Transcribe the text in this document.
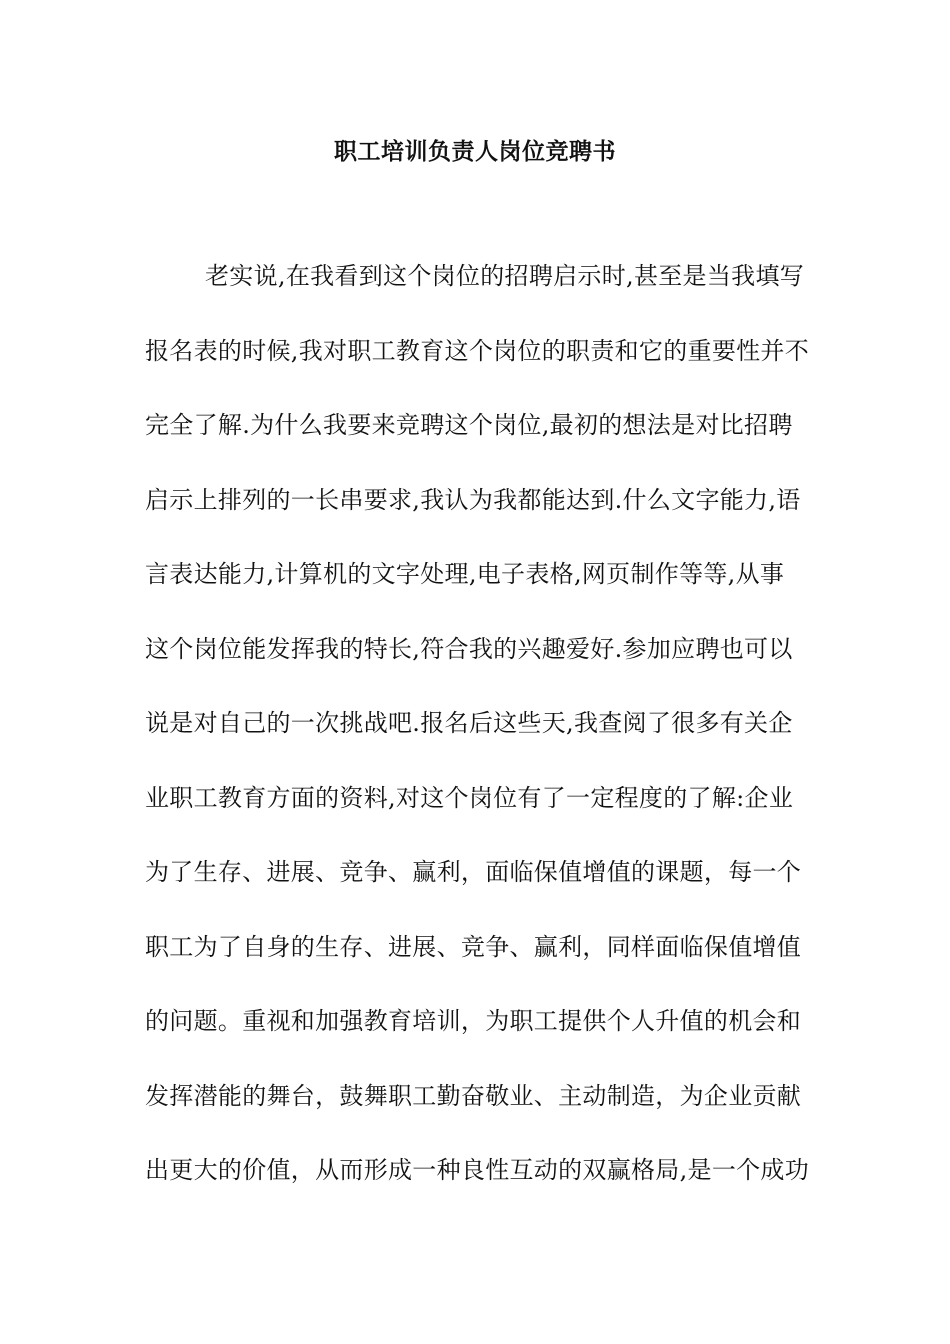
职工培训负责人岗位竞聘书
老实说,在我看到这个岗位的招聘启示时,甚至是当我填写
报名表的时候,我对职工教育这个岗位的职责和它的重要性并不
完全了解.为什么我要来竞聘这个岗位,最初的想法是对比招聘
启示上排列的一长串要求,我认为我都能达到.什么文字能力,语
言表达能力,计算机的文字处理,电子表格,网页制作等等,从事
这个岗位能发挥我的特长,符合我的兴趣爱好.参加应聘也可以
说是对自己的一次挑战吧.报名后这些天,我查阅了很多有关企
业职工教育方面的资料,对这个岗位有了一定程度的了解:企业
为了生存、进展、竞争、赢利，面临保值增值的课题，每一个
职工为了自身的生存、进展、竞争、赢利，同样面临保值增值
的问题。重视和加强教育培训，为职工提供个人升值的机会和
发挥潜能的舞台，鼓舞职工勤奋敬业、主动制造，为企业贡献
出更大的价值，从而形成一种良性互动的双赢格局,是一个成功
